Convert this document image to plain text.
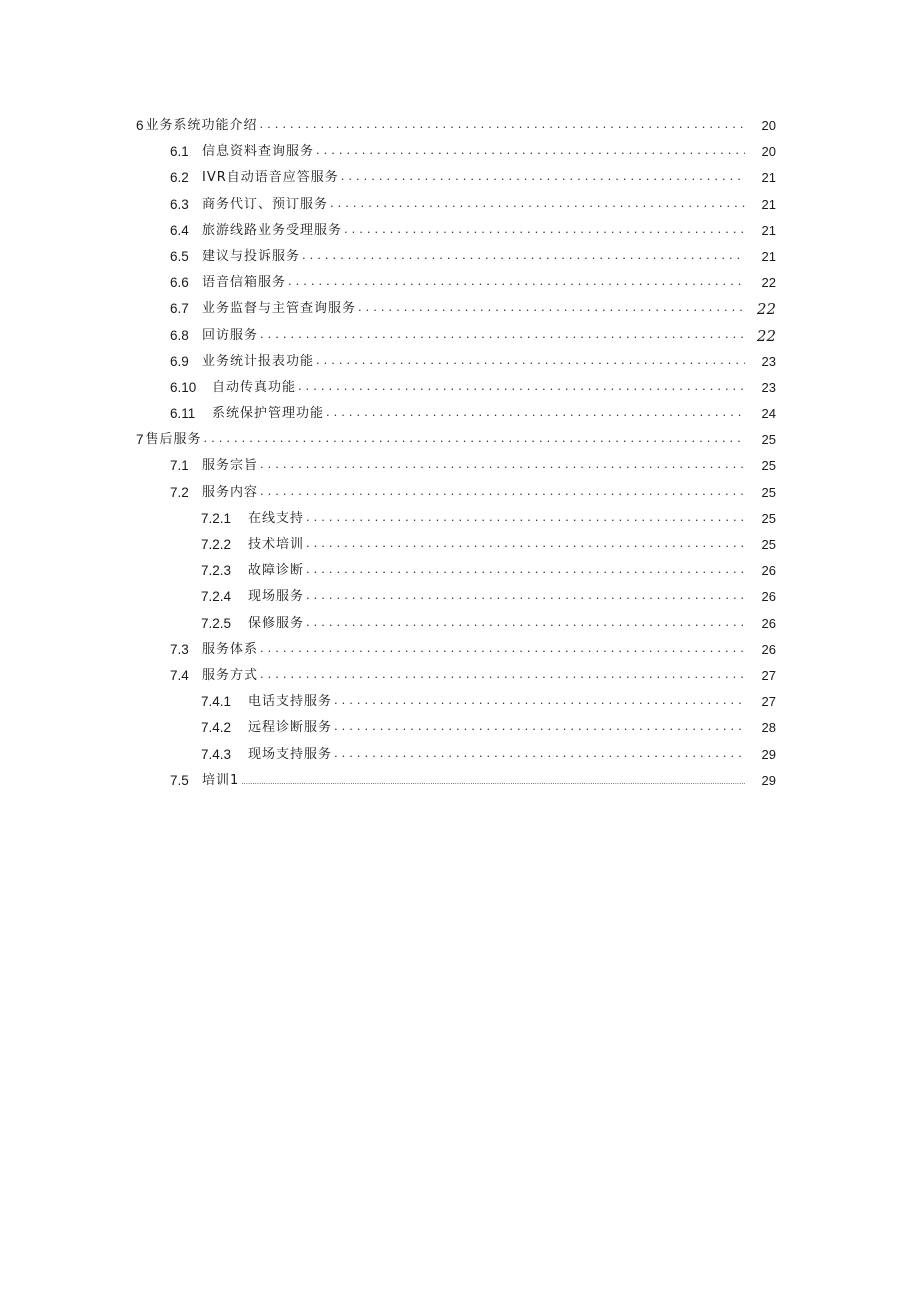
6 业务系统功能介绍 . . .	20
6.1	信息资料查询服务 . . .	20
6.2	IVR自动语音应答服务 . . .	21
6.3	商务代订、预订服务 . . .	21
6.4	旅游线路业务受理服务 . . .	21
6.5	建议与投诉服务 . . .	21
6.6	语音信箱服务 . . .	22
6.7	业务监督与主管查询服务 . . .	22
6.8	回访服务 . . .	22
6.9	业务统计报表功能 . . .	23
6.10	自动传真功能 . . .	23
6.11	系统保护管理功能 . . .	24
7 售后服务 . . .	25
7.1	服务宗旨 . . .	25
7.2	服务内容 . . .	25
7.2.1	在线支持 . . .	25
7.2.2	技术培训 . . .	25
7.2.3	故障诊断 . . .	26
7.2.4	现场服务 . . .	26
7.2.5	保修服务 . . .	26
7.3	服务体系 . . .	26
7.4	服务方式 . . .	27
7.4.1	电话支持服务 . . .	27
7.4.2	远程诊断服务 . . .	28
7.4.3	现场支持服务 . . .	29
7.5	培训1 .....	29
